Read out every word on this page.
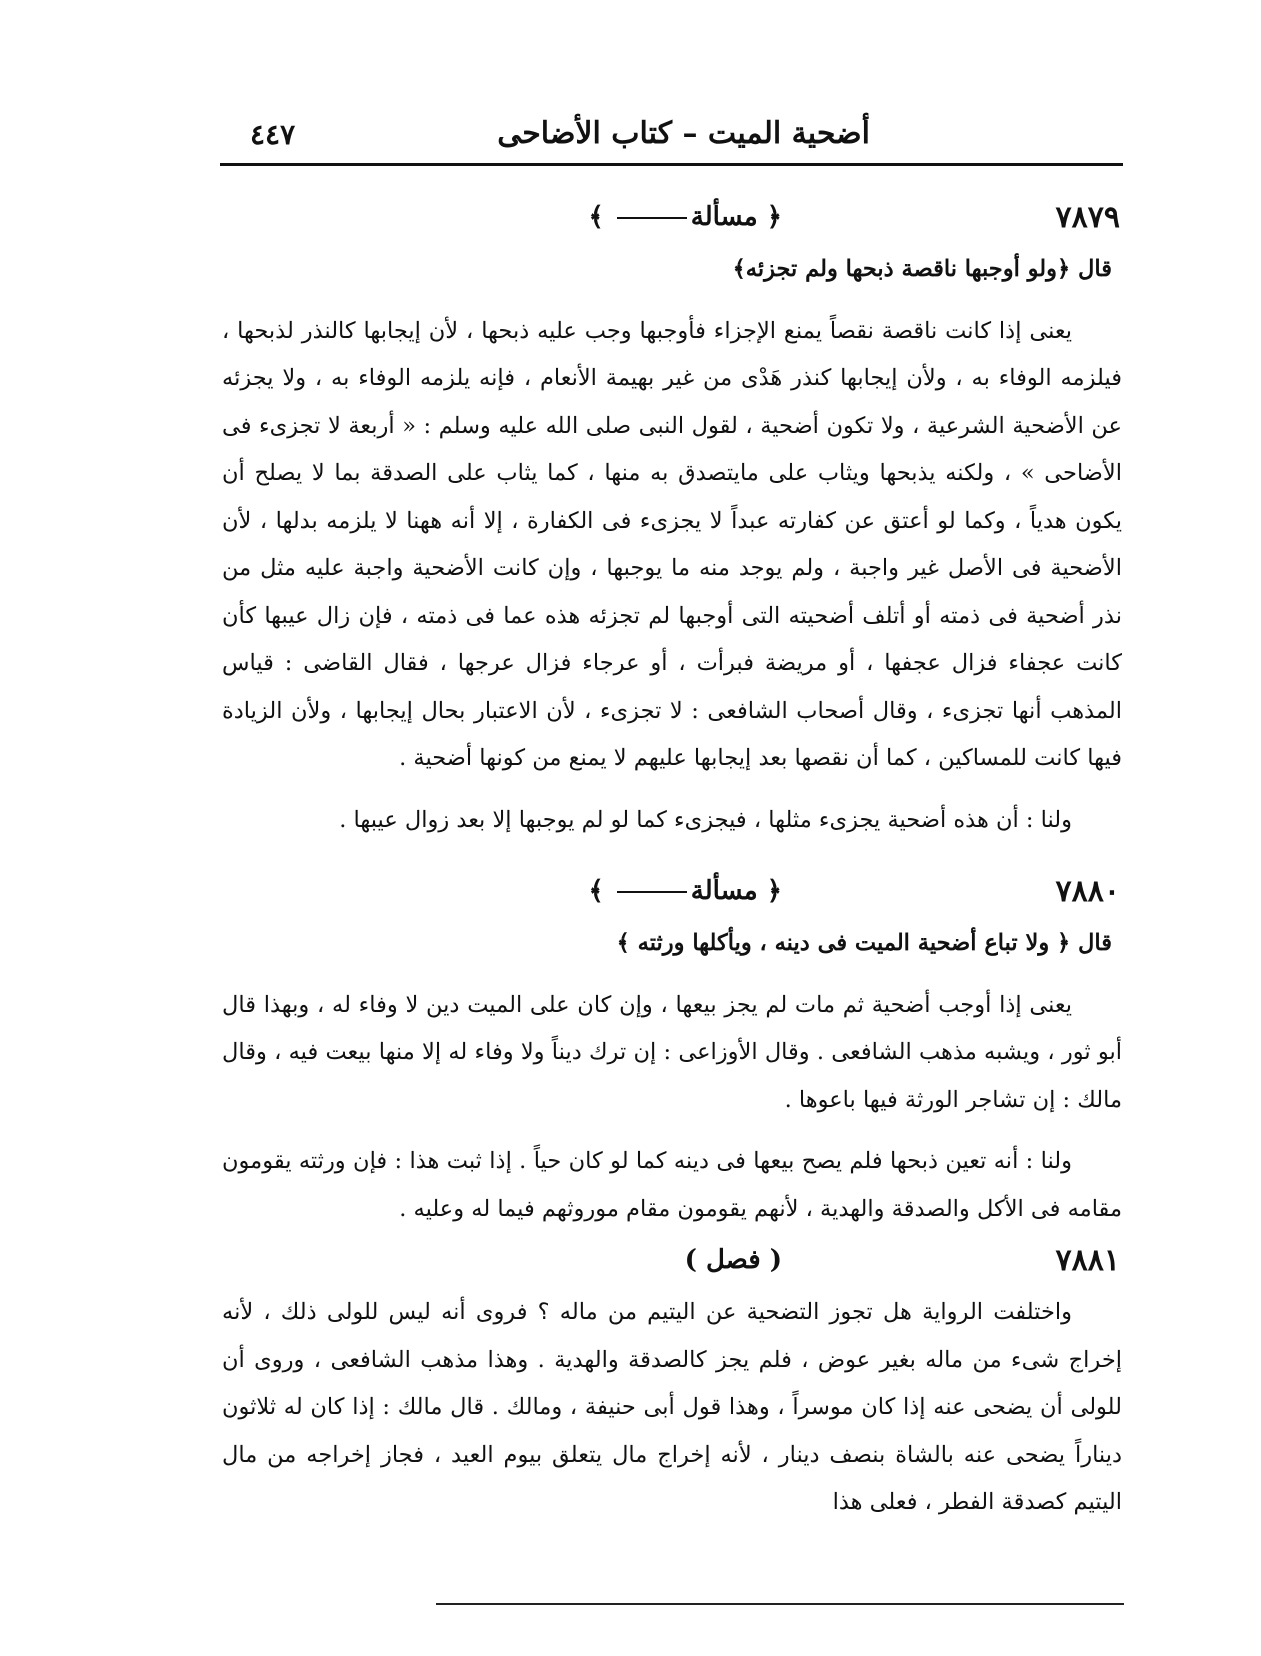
أضحية الميت – كتاب الأضاحى
٤٤٧
٧٨٧٩
﴿ مسألة ﴾

قال ﴿ولو أوجبها ناقصة ذبحها ولم تجزئه﴾

يعنى إذا كانت ناقصة نقصاً يمنع الإجزاء فأوجبها وجب عليه ذبحها ، لأن إيجابها كالنذر لذبحها ، فيلزمه الوفاء به ، ولأن إيجابها كنذر هَدْى من غير بهيمة الأنعام ، فإنه يلزمه الوفاء به ، ولا يجزئه عن الأضحية الشرعية ، ولا تكون أضحية ، لقول النبى صلى الله عليه وسلم : « أربعة لا تجزىء فى الأضاحى » ، ولكنه يذبحها ويثاب على مايتصدق به منها ، كما يثاب على الصدقة بما لا يصلح أن يكون هدياً ، وكما لو أعتق عن كفارته عبداً لا يجزىء فى الكفارة ، إلا أنه ههنا لا يلزمه بدلها ، لأن الأضحية فى الأصل غير واجبة ، ولم يوجد منه ما يوجبها ، وإن كانت الأضحية واجبة عليه مثل من نذر أضحية فى ذمته أو أتلف أضحيته التى أوجبها لم تجزئه هذه عما فى ذمته ، فإن زال عيبها كأن كانت عجفاء فزال عجفها ، أو مريضة فبرأت ، أو عرجاء فزال عرجها ، فقال القاضى : قياس المذهب أنها تجزىء ، وقال أصحاب الشافعى : لا تجزىء ، لأن الاعتبار بحال إيجابها ، ولأن الزيادة فيها كانت للمساكين ، كما أن نقصها بعد إيجابها عليهم لا يمنع من كونها أضحية .

ولنا : أن هذه أضحية يجزىء مثلها ، فيجزىء كما لو لم يوجبها إلا بعد زوال عيبها .

٧٨٨٠
﴿ مسألة ﴾

قال ﴿ ولا تباع أضحية الميت فى دينه ، ويأكلها ورثته ﴾

يعنى إذا أوجب أضحية ثم مات لم يجز بيعها ، وإن كان على الميت دين لا وفاء له ، وبهذا قال أبو ثور ، ويشبه مذهب الشافعى . وقال الأوزاعى : إن ترك ديناً ولا وفاء له إلا منها بيعت فيه ، وقال مالك : إن تشاجر الورثة فيها باعوها .

ولنا : أنه تعين ذبحها فلم يصح بيعها فى دينه كما لو كان حياً . إذا ثبت هذا : فإن ورثته يقومون مقامه فى الأكل والصدقة والهدية ، لأنهم يقومون مقام موروثهم فيما له وعليه .

٧٨٨١
( فصل )

واختلفت الرواية هل تجوز التضحية عن اليتيم من ماله ؟ فروى أنه ليس للولى ذلك ، لأنه إخراج شىء من ماله بغير عوض ، فلم يجز كالصدقة والهدية . وهذا مذهب الشافعى ، وروى أن للولى أن يضحى عنه إذا كان موسراً ، وهذا قول أبى حنيفة ، ومالك . قال مالك : إذا كان له ثلاثون ديناراً يضحى عنه بالشاة بنصف دينار ، لأنه إخراج مال يتعلق بيوم العيد ، فجاز إخراجه من مال اليتيم كصدقة الفطر ، فعلى هذا
